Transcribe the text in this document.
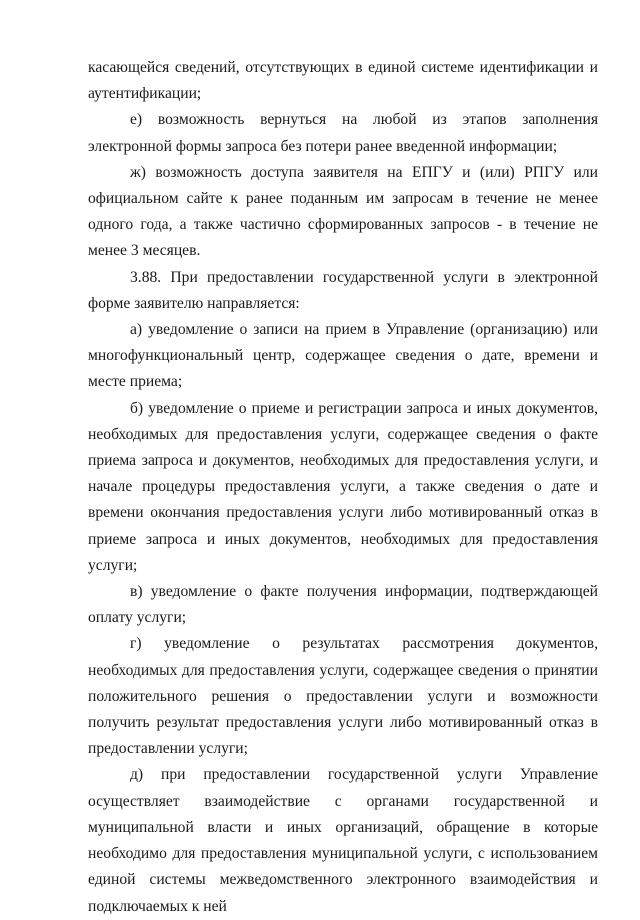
касающейся сведений, отсутствующих в единой системе идентификации и аутентификации;

е) возможность вернуться на любой из этапов заполнения электронной формы запроса без потери ранее введенной информации;

ж) возможность доступа заявителя на ЕПГУ и (или) РПГУ или официальном сайте к ранее поданным им запросам в течение не менее одного года, а также частично сформированных запросов - в течение не менее 3 месяцев.

3.88. При предоставлении государственной услуги в электронной форме заявителю направляется:

а) уведомление о записи на прием в Управление (организацию) или многофункциональный центр, содержащее сведения о дате, времени и месте приема;

б) уведомление о приеме и регистрации запроса и иных документов, необходимых для предоставления услуги, содержащее сведения о факте приема запроса и документов, необходимых для предоставления услуги, и начале процедуры предоставления услуги, а также сведения о дате и времени окончания предоставления услуги либо мотивированный отказ в приеме запроса и иных документов, необходимых для предоставления услуги;

в) уведомление о факте получения информации, подтверждающей оплату услуги;

г) уведомление о результатах рассмотрения документов, необходимых для предоставления услуги, содержащее сведения о принятии положительного решения о предоставлении услуги и возможности получить результат предоставления услуги либо мотивированный отказ в предоставлении услуги;

д) при предоставлении государственной услуги Управление осуществляет взаимодействие с органами государственной и муниципальной власти и иных организаций, обращение в которые необходимо для предоставления муниципальной услуги, с использованием единой системы межведомственного электронного взаимодействия и подключаемых к ней
